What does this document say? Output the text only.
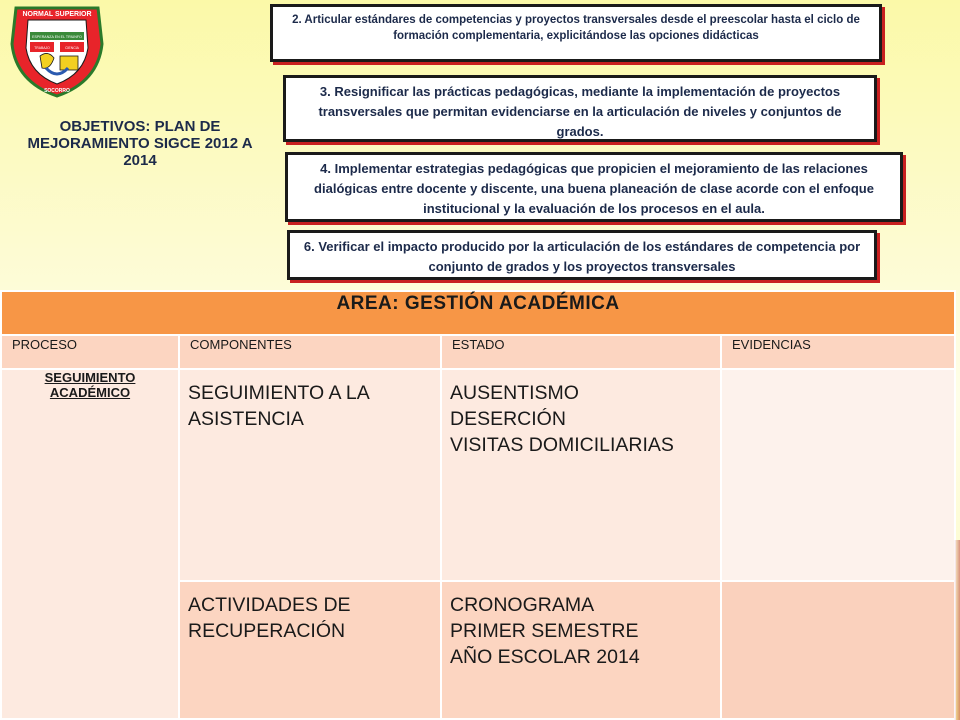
NORMAL SUPERIOR
ESPERANZA EN EL TRIUNFO
TRABAJO	CIENCIA
SOCORRO
OBJETIVOS: PLAN DE MEJORAMIENTO SIGCE 2012 A 2014
2. Articular estándares de competencias y proyectos transversales desde el preescolar hasta el ciclo de formación complementaria, explicitándose las opciones didácticas
3. Resignificar las prácticas pedagógicas, mediante la implementación de proyectos transversales que permitan evidenciarse en la articulación de niveles y conjuntos de grados.
4. Implementar estrategias pedagógicas que propicien el mejoramiento de las relaciones dialógicas entre docente y discente, una buena planeación de clase acorde con el enfoque institucional y la evaluación de los procesos en el aula.
6. Verificar el impacto producido por la articulación de los estándares de competencia por conjunto de grados y los proyectos transversales
AREA: GESTIÓN ACADÉMICA			
PROCESO	COMPONENTES	ESTADO	EVIDENCIAS
SEGUIMIENTO ACADÉMICO	SEGUIMIENTO A LA ASISTENCIA	AUSENTISMO
DESERCIÓN
VISITAS DOMICILIARIAS	

	ACTIVIDADES DE RECUPERACIÓN	CRONOGRAMA
PRIMER SEMESTRE
AÑO ESCOLAR 2014	
